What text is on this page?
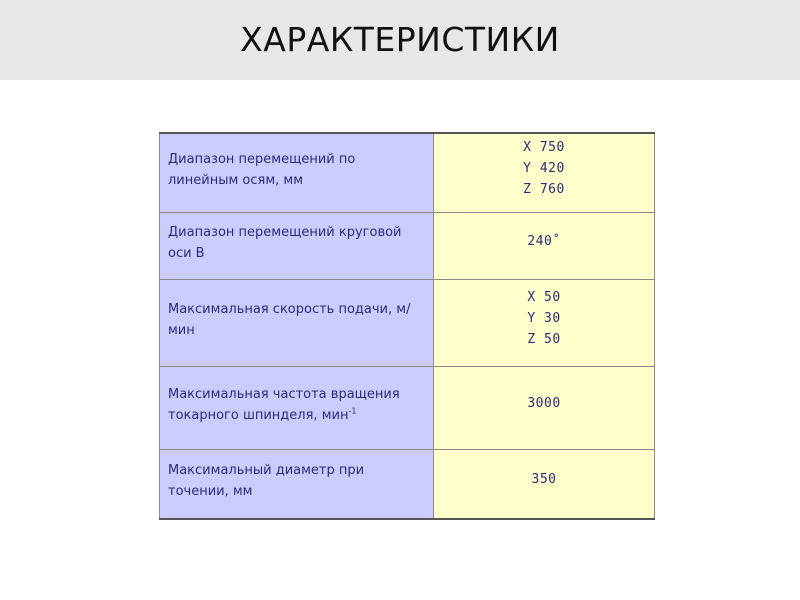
ХАРАКТЕРИСТИКИ
Диапазон перемещений по линейным осям, мм	X 750
Y 420
Z 760

Диапазон перемещений круговой оси В	240˚

Максимальная скорость подачи, м/мин	X 50
Y 30
Z 50

Максимальная частота вращения токарного шпинделя, мин$^{-1}$	3000

Максимальный диаметр при точении, мм	350
